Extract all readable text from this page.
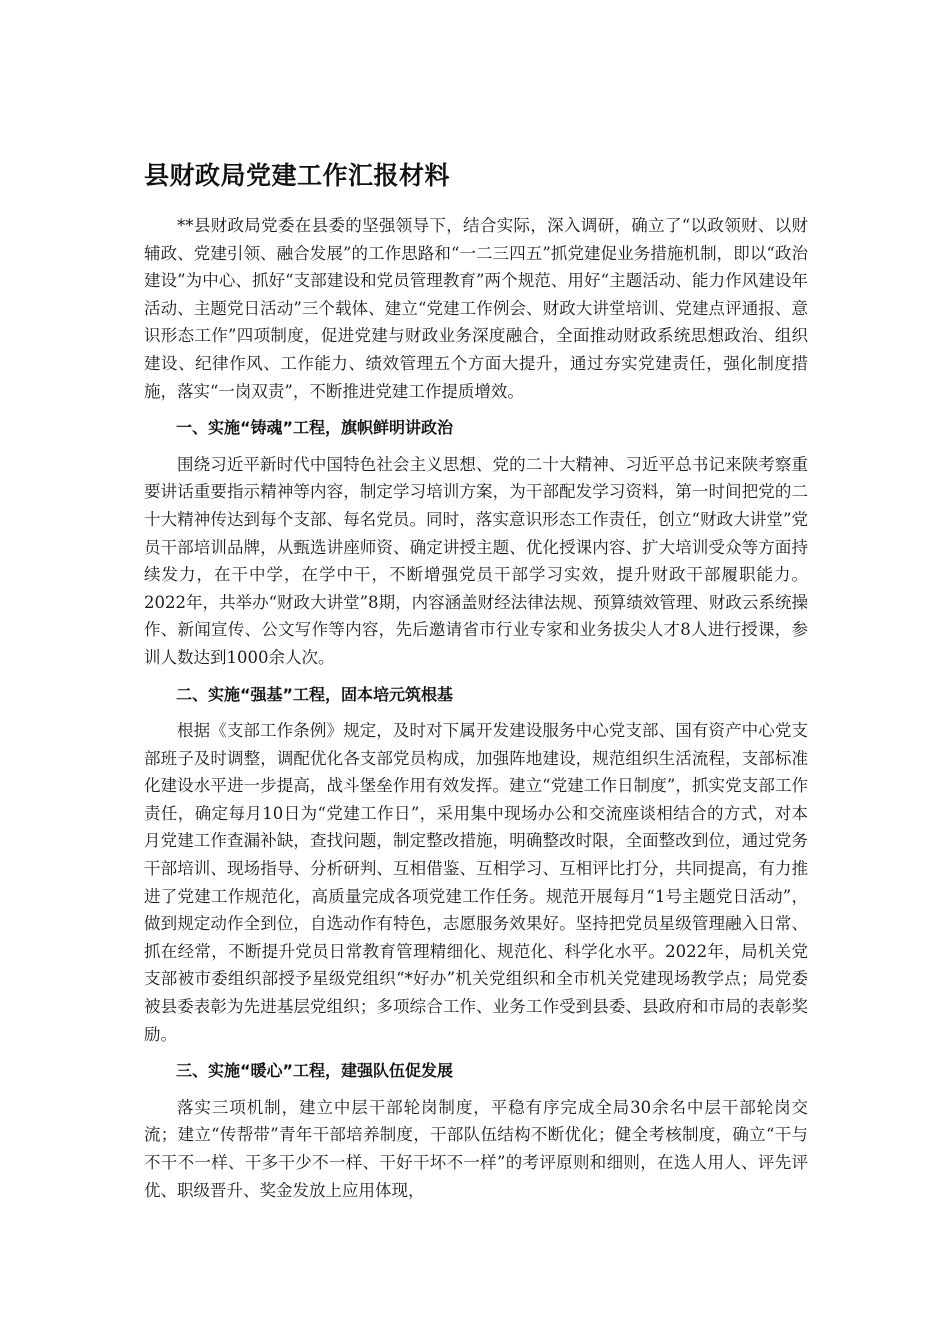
县财政局党建工作汇报材料

**县财政局党委在县委的坚强领导下，结合实际，深入调研，确立了“以政领财、以财辅政、党建引领、融合发展”的工作思路和“一二三四五”抓党建促业务措施机制，即以“政治建设”为中心、抓好“支部建设和党员管理教育”两个规范、用好“主题活动、能力作风建设年活动、主题党日活动”三个载体、建立“党建工作例会、财政大讲堂培训、党建点评通报、意识形态工作”四项制度，促进党建与财政业务深度融合，全面推动财政系统思想政治、组织建设、纪律作风、工作能力、绩效管理五个方面大提升，通过夯实党建责任，强化制度措施，落实“一岗双责”，不断推进党建工作提质增效。

一、实施“铸魂”工程，旗帜鲜明讲政治

围绕习近平新时代中国特色社会主义思想、党的二十大精神、习近平总书记来陕考察重要讲话重要指示精神等内容，制定学习培训方案，为干部配发学习资料，第一时间把党的二十大精神传达到每个支部、每名党员。同时，落实意识形态工作责任，创立“财政大讲堂”党员干部培训品牌，从甄选讲座师资、确定讲授主题、优化授课内容、扩大培训受众等方面持续发力，在干中学，在学中干，不断增强党员干部学习实效，提升财政干部履职能力。2022年，共举办“财政大讲堂”8期，内容涵盖财经法律法规、预算绩效管理、财政云系统操作、新闻宣传、公文写作等内容，先后邀请省市行业专家和业务拔尖人才8人进行授课，参训人数达到1000余人次。

二、实施“强基”工程，固本培元筑根基

根据《支部工作条例》规定，及时对下属开发建设服务中心党支部、国有资产中心党支部班子及时调整，调配优化各支部党员构成，加强阵地建设，规范组织生活流程，支部标准化建设水平进一步提高，战斗堡垒作用有效发挥。建立“党建工作日制度”，抓实党支部工作责任，确定每月10日为“党建工作日”，采用集中现场办公和交流座谈相结合的方式，对本月党建工作查漏补缺，查找问题，制定整改措施，明确整改时限，全面整改到位，通过党务干部培训、现场指导、分析研判、互相借鉴、互相学习、互相评比打分，共同提高，有力推进了党建工作规范化，高质量完成各项党建工作任务。规范开展每月“1号主题党日活动”，做到规定动作全到位，自选动作有特色，志愿服务效果好。坚持把党员星级管理融入日常、抓在经常，不断提升党员日常教育管理精细化、规范化、科学化水平。2022年，局机关党支部被市委组织部授予星级党组织“*好办”机关党组织和全市机关党建现场教学点；局党委被县委表彰为先进基层党组织；多项综合工作、业务工作受到县委、县政府和市局的表彰奖励。

三、实施“暖心”工程，建强队伍促发展

落实三项机制，建立中层干部轮岗制度，平稳有序完成全局30余名中层干部轮岗交流；建立“传帮带”青年干部培养制度，干部队伍结构不断优化；健全考核制度，确立“干与不干不一样、干多干少不一样、干好干坏不一样”的考评原则和细则，在选人用人、评先评优、职级晋升、奖金发放上应用体现，
